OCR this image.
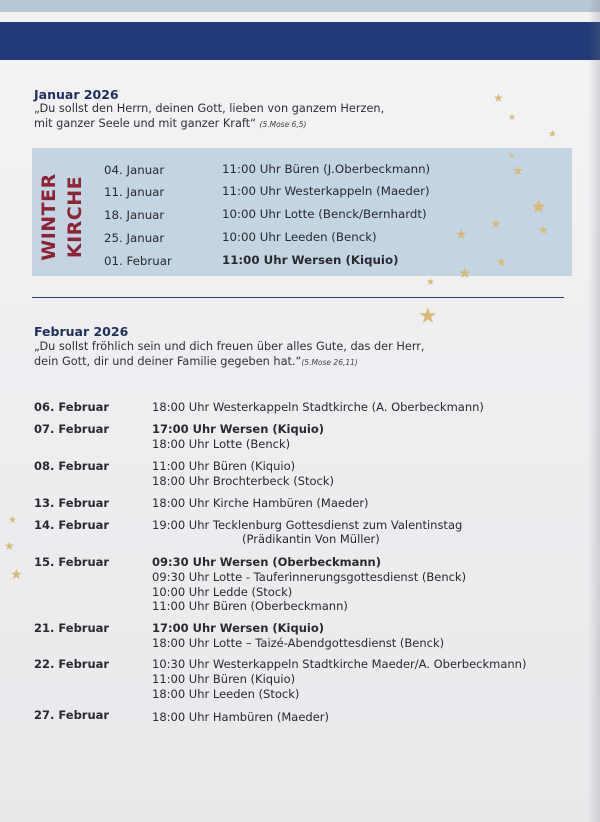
Januar 2026
„Du sollst den Herrn, deinen Gott, lieben von ganzem Herzen,
mit ganzer Seele und mit ganzer Kraft“ (5.Mose 6,5)
WINTER KIRCHE
04. Januar	11:00 Uhr Büren (J.Oberbeckmann)
11. Januar	11:00 Uhr Westerkappeln (Maeder)
18. Januar	10:00 Uhr Lotte (Benck/Bernhardt)
25. Januar	10:00 Uhr Leeden (Benck)
01. Februar	11:00 Uhr Wersen (Kiquio)
Februar 2026
„Du sollst fröhlich sein und dich freuen über alles Gute, das der Herr,
dein Gott, dir und deiner Familie gegeben hat.“(5.Mose 26,11)
06. Februar	18:00 Uhr Westerkappeln Stadtkirche (A. Oberbeckmann)
07. Februar	17:00 Uhr Wersen (Kiquio)
18:00 Uhr Lotte (Benck)
08. Februar	11:00 Uhr Büren (Kiquio)
18:00 Uhr Brochterbeck (Stock)
13. Februar	18:00 Uhr Kirche Hambüren (Maeder)
14. Februar	19:00 Uhr Tecklenburg Gottesdienst zum Valentinstag
(Prädikantin Von Müller)
15. Februar	09:30 Uhr Wersen (Oberbeckmann)
09:30 Uhr Lotte - Tauferinnerungsgottesdienst (Benck)
10:00 Uhr Ledde (Stock)
11:00 Uhr Büren (Oberbeckmann)
21. Februar	17:00 Uhr Wersen (Kiquio)
18:00 Uhr Lotte – Taizé-Abendgottesdienst (Benck)
22. Februar	10:30 Uhr Westerkappeln Stadtkirche Maeder/A. Oberbeckmann)
11:00 Uhr Büren (Kiquio)
18:00 Uhr Leeden (Stock)
27. Februar	18:00 Uhr Hambüren (Maeder)
★
★
★
★
★
★
★	★
★
★
★
★
★
★
★
★
